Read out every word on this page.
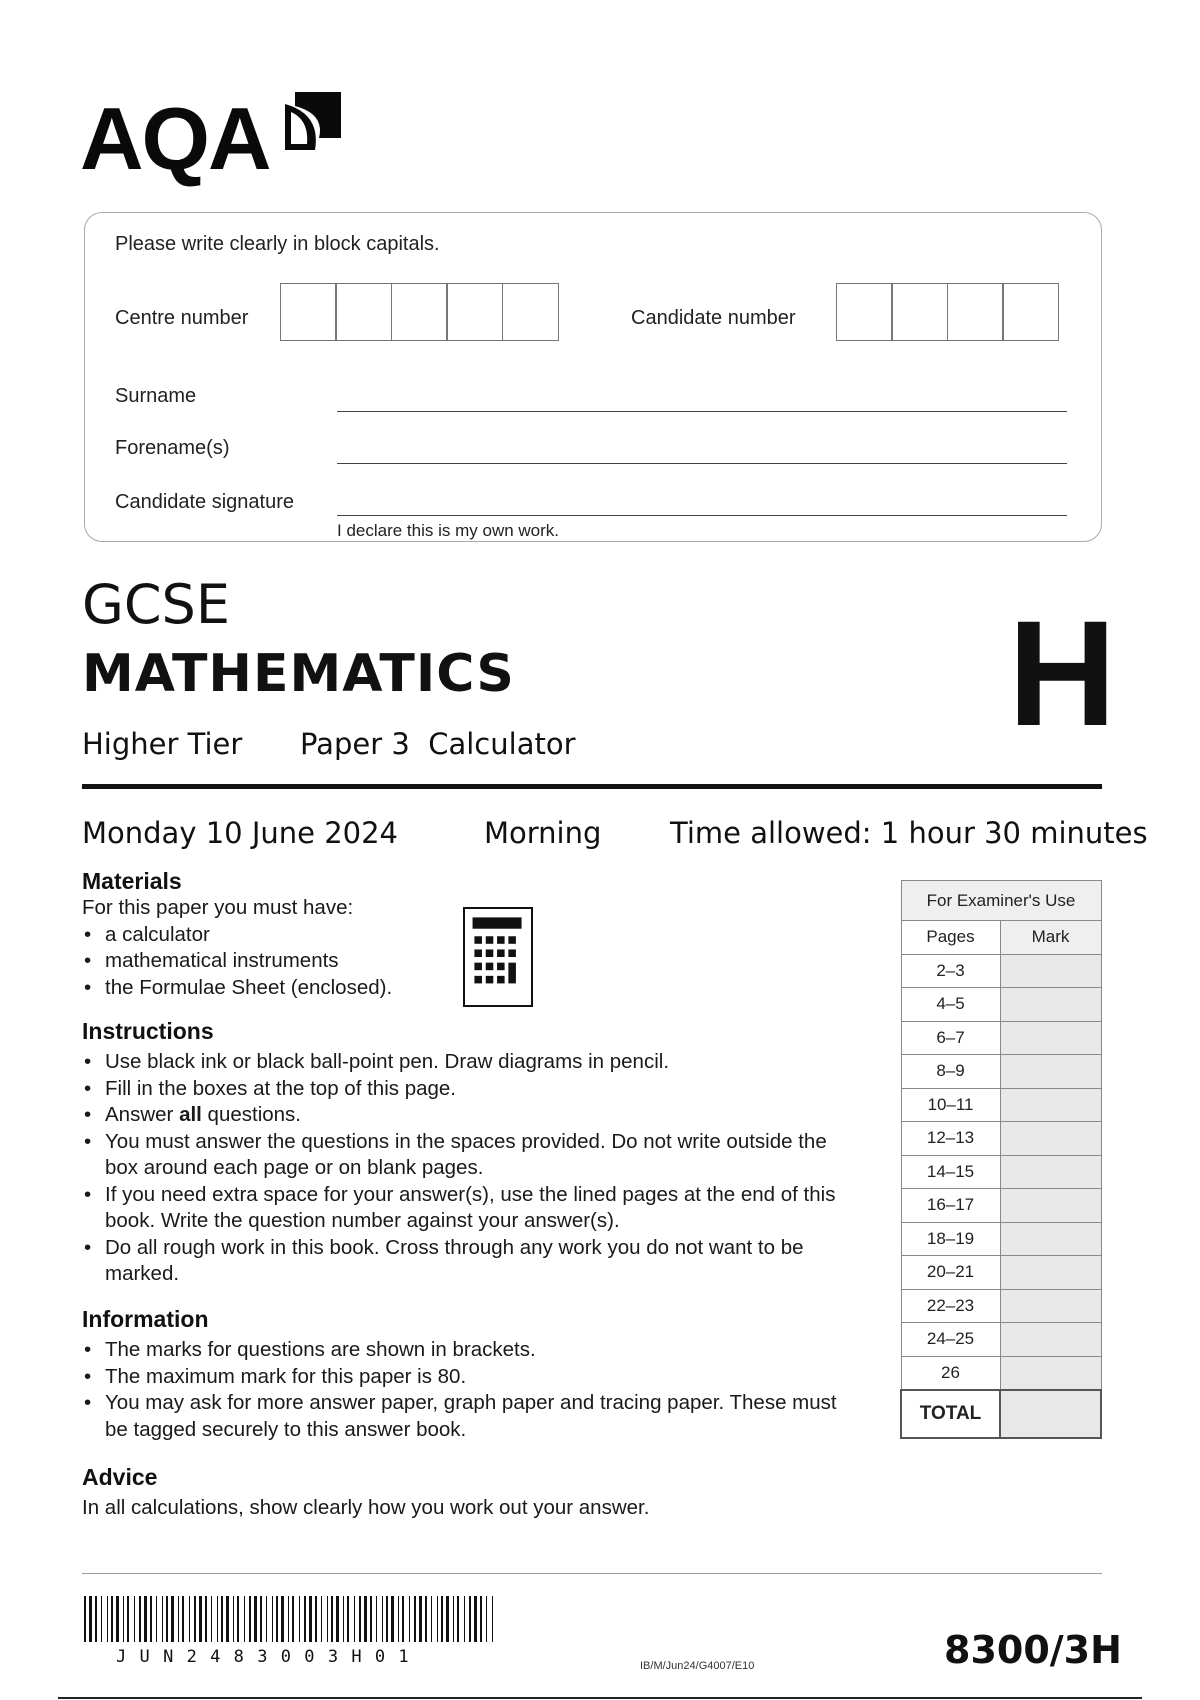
AQA
Please write clearly in block capitals.
Centre number	Candidate number
Surname
Forename(s)
Candidate signature
I declare this is my own work.
GCSE
MATHEMATICS
Higher Tier Paper 3  Calculator	H
Monday 10 June 2024	Morning Time allowed: 1 hour 30 minutes
Materials
For this paper you must have:
• a calculator
• mathematical instruments
• the Formulae Sheet (enclosed).
Instructions
• Use black ink or black ball-point pen. Draw diagrams in pencil.
• Fill in the boxes at the top of this page.
• Answer all questions.
• You must answer the questions in the spaces provided. Do not write outside the box around each page or on blank pages.
• If you need extra space for your answer(s), use the lined pages at the end of this book. Write the question number against your answer(s).
• Do all rough work in this book. Cross through any work you do not want to be marked.
Information
• The marks for questions are shown in brackets.
• The maximum mark for this paper is 80.
• You may ask for more answer paper, graph paper and tracing paper. These must be tagged securely to this answer book.
Advice
In all calculations, show clearly how you work out your answer.
For Examiner's Use	
Pages	Mark
2–3	
4–5	
6–7	
8–9	
10–11	
12–13	
14–15	
16–17	
18–19	
20–21	
22–23	
24–25	
26	
TOTAL	
JUN2483003H01	IB/M/Jun24/G4007/E10	8300/3H
